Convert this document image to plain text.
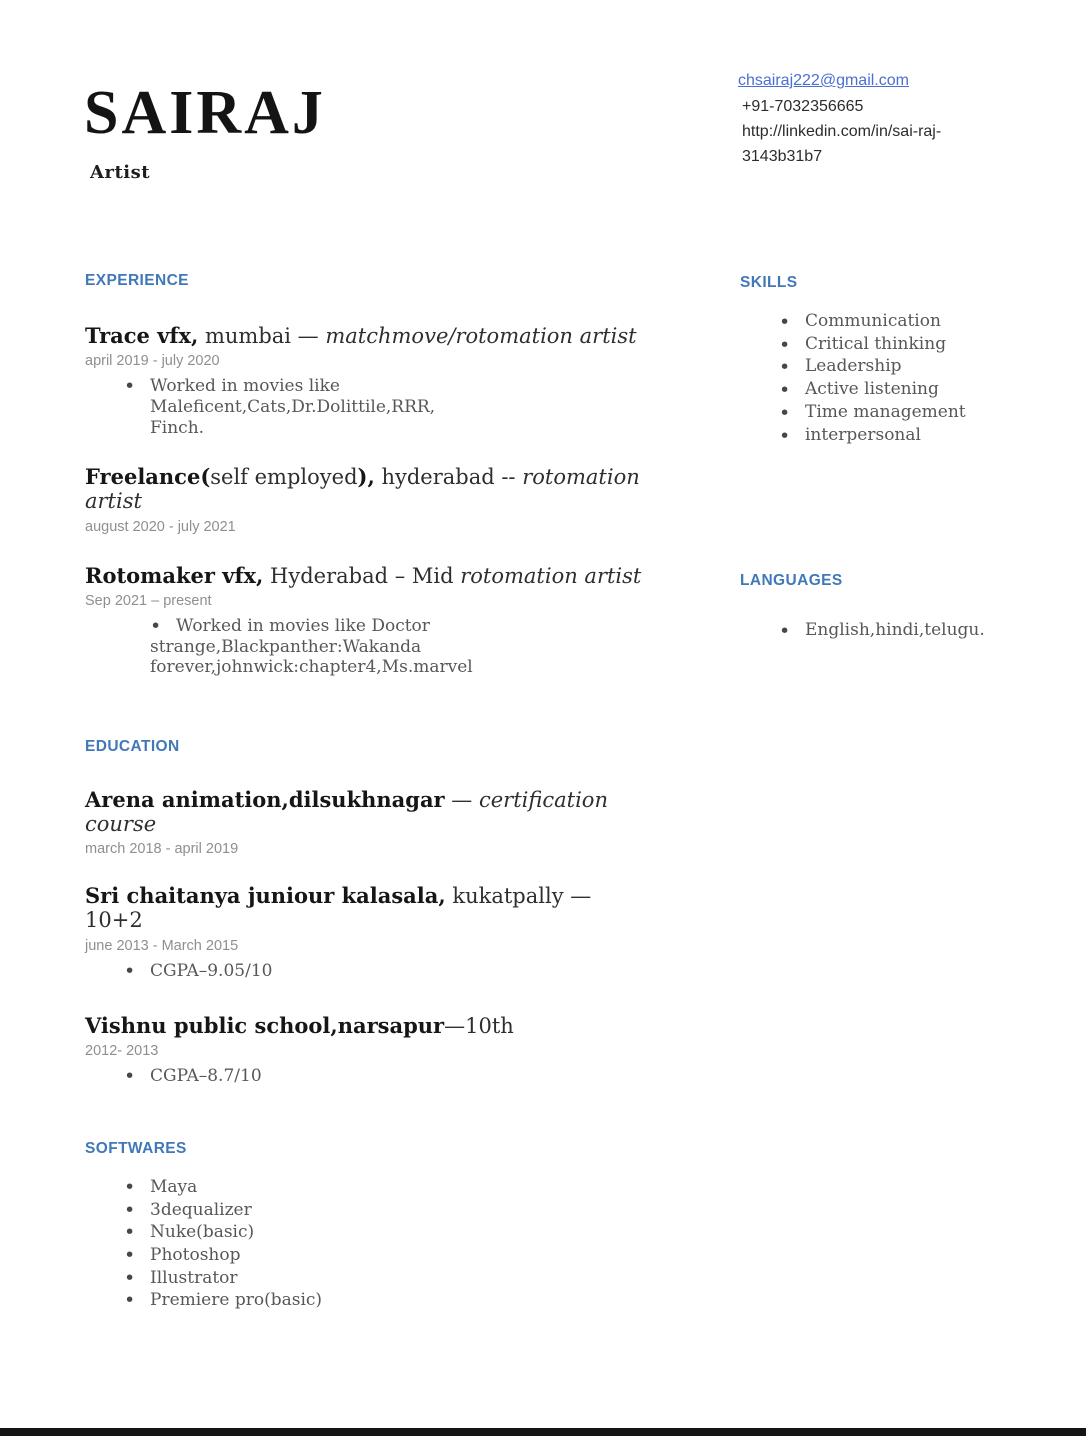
SAIRAJ
Artist
chsairaj222@gmail.com
+91-7032356665
http://linkedin.com/in/sai-raj-3143b31b7
EXPERIENCE
Trace vfx, mumbai — matchmove/rotomation artist
april 2019 - july 2020
• Worked in movies like Maleficent,Cats,Dr.Dolittile,RRR, Finch.
Freelance(self employed), hyderabad -- rotomation artist
august 2020 - july 2021
Rotomaker vfx, Hyderabad – Mid rotomation artist
Sep 2021 – present
• Worked in movies like Doctor strange,Blackpanther:Wakanda forever,johnwick:chapter4,Ms.marvel
EDUCATION
Arena animation,dilsukhnagar — certification course
march 2018 - april 2019
Sri chaitanya juniour kalasala, kukatpally — 10+2
june 2013 - March 2015
• CGPA–9.05/10
Vishnu public school,narsapur—10th
2012- 2013
• CGPA–8.7/10
SOFTWARES
• Maya
• 3dequalizer
• Nuke(basic)
• Photoshop
• Illustrator
• Premiere pro(basic)
SKILLS
• Communication
• Critical thinking
• Leadership
• Active listening
• Time management
• interpersonal
LANGUAGES
• English,hindi,telugu.
